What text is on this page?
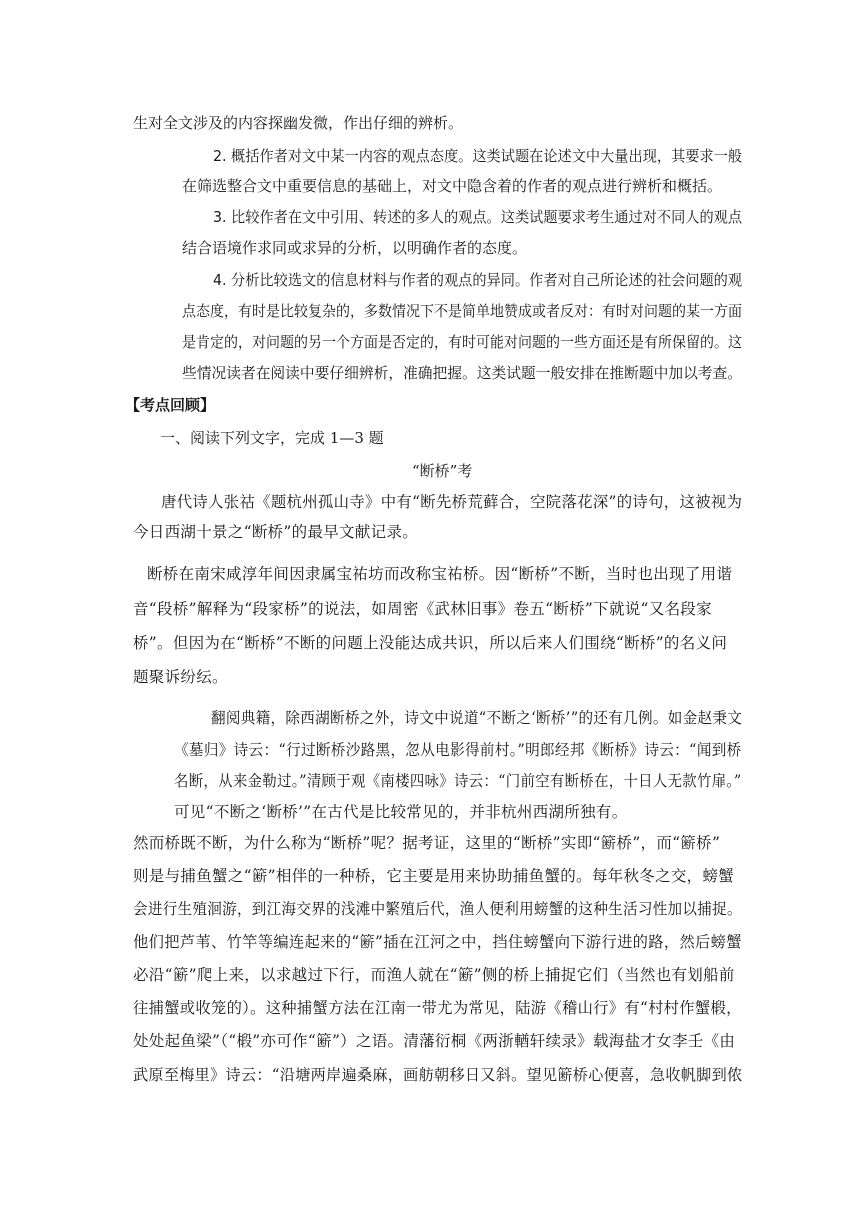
生对全文涉及的内容探幽发微，作出仔细的辨析。
2. 概括作者对文中某一内容的观点态度。这类试题在论述文中大量出现，其要求一般
在筛选整合文中重要信息的基础上，对文中隐含着的作者的观点进行辨析和概括。
3. 比较作者在文中引用、转述的多人的观点。这类试题要求考生通过对不同人的观点
结合语境作求同或求异的分析，以明确作者的态度。
4. 分析比较选文的信息材料与作者的观点的异同。作者对自己所论述的社会问题的观
点态度，有时是比较复杂的，多数情况下不是简单地赞成或者反对：有时对问题的某一方面
是肯定的，对问题的另一个方面是否定的，有时可能对问题的一些方面还是有所保留的。这
些情况读者在阅读中要仔细辨析，准确把握。这类试题一般安排在推断题中加以考查。
【考点回顾】
一、阅读下列文字，完成 1—3 题
“断桥”考
唐代诗人张祜《题杭州孤山寺》中有“断先桥荒藓合，空院落花深”的诗句，这被视为
今日西湖十景之“断桥”的最早文献记录。
断桥在南宋咸淳年间因隶属宝祐坊而改称宝祐桥。因“断桥”不断，当时也出现了用谐
音“段桥”解释为“段家桥”的说法，如周密《武林旧事》卷五“断桥”下就说“又名段家
桥”。但因为在“断桥”不断的问题上没能达成共识，所以后来人们围绕“断桥”的名义问
题聚诉纷纭。
翻阅典籍，除西湖断桥之外，诗文中说道“不断之‘断桥’”的还有几例。如金赵秉文
《墓归》诗云：“行过断桥沙路黑，忽从电影得前村。”明郎经邦《断桥》诗云：“闻到桥
名断，从来金勒过。”清顾于观《南楼四咏》诗云：“门前空有断桥在，十日人无款竹扉。”
可见“不断之‘断桥’”在古代是比较常见的，并非杭州西湖所独有。
然而桥既不断，为什么称为“断桥”呢？据考证，这里的“断桥”实即“簖桥”，而“簖桥”
则是与捕鱼蟹之“簖”相伴的一种桥，它主要是用来协助捕鱼蟹的。每年秋冬之交，螃蟹
会进行生殖洄游，到江海交界的浅滩中繁殖后代，渔人便利用螃蟹的这种生活习性加以捕捉。
他们把芦苇、竹竿等编连起来的“簖”插在江河之中，挡住螃蟹向下游行进的路，然后螃蟹
必沿“簖”爬上来，以求越过下行，而渔人就在“簖”侧的桥上捕捉它们（当然也有划船前
往捕蟹或收笼的）。这种捕蟹方法在江南一带尤为常见，陆游《稽山行》有“村村作蟹椴，
处处起鱼梁”（“椴”亦可作“簖”）之语。清藩衍桐《两浙輶轩续录》载海盐才女李壬《由
武原至梅里》诗云：“沿塘两岸遍桑麻，画舫朝移日又斜。望见簖桥心便喜，急收帆脚到侬
